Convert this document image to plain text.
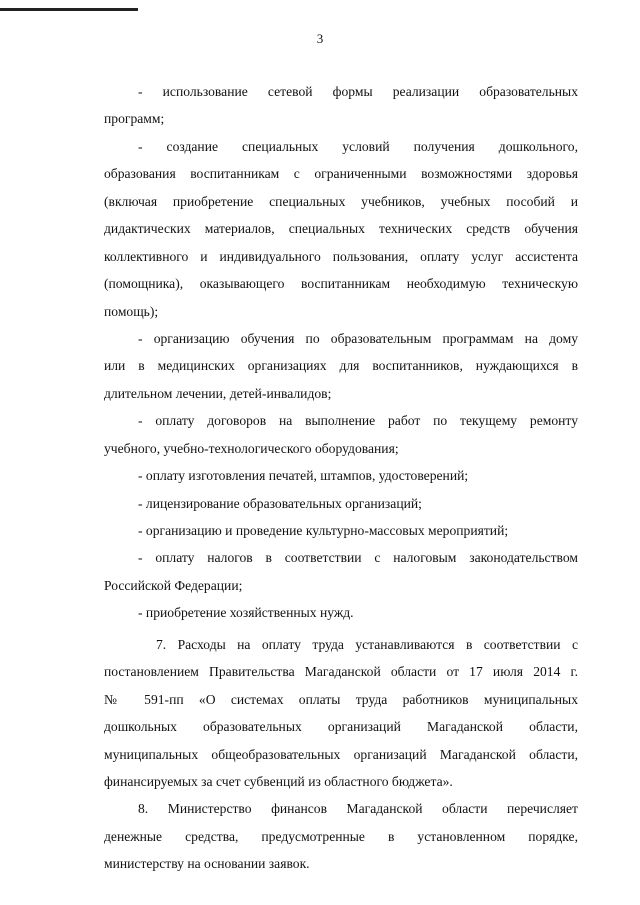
3
- использование сетевой формы реализации образовательных
программ;
- создание специальных условий получения дошкольного,
образования воспитанникам с ограниченными возможностями здоровья
(включая приобретение специальных учебников, учебных пособий и
дидактических материалов, специальных технических средств обучения
коллективного и индивидуального пользования, оплату услуг ассистента
(помощника), оказывающего воспитанникам необходимую техническую
помощь);
- организацию обучения по образовательным программам на дому
или в медицинских организациях для воспитанников, нуждающихся в
длительном лечении, детей-инвалидов;
- оплату договоров на выполнение работ по текущему ремонту
учебного, учебно-технологического оборудования;
- оплату изготовления печатей, штампов, удостоверений;
- лицензирование образовательных организаций;
- организацию и проведение культурно-массовых мероприятий;
- оплату налогов в соответствии с налоговым законодательством
Российской Федерации;
- приобретение хозяйственных нужд.
7. Расходы на оплату труда устанавливаются в соответствии с
постановлением Правительства Магаданской области от 17 июля 2014 г.
№ 591-пп «О системах оплаты труда работников муниципальных
дошкольных образовательных организаций Магаданской области,
муниципальных общеобразовательных организаций Магаданской области,
финансируемых за счет субвенций из областного бюджета».
8. Министерство финансов Магаданской области перечисляет
денежные средства, предусмотренные в установленном порядке,
министерству на основании заявок.
